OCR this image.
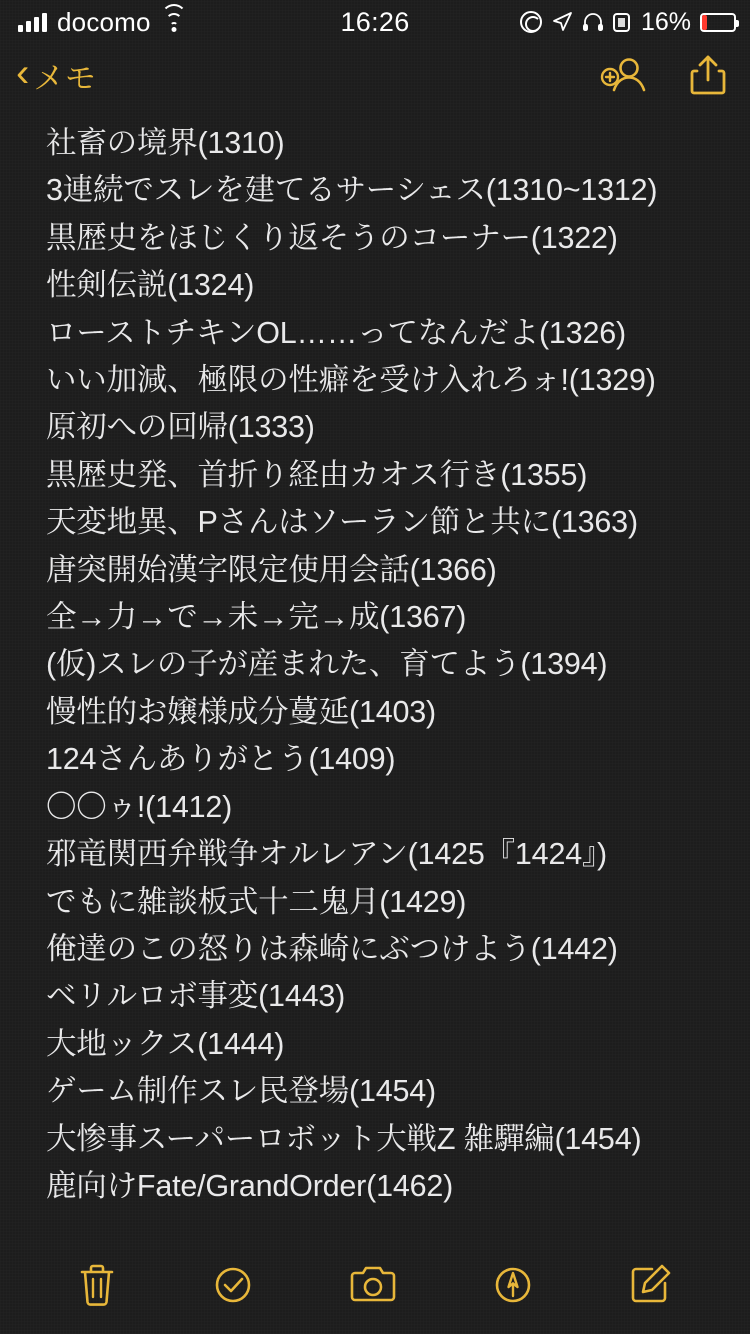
docomo	16:26	16%
‹ メモ
社畜の境界(1310)
3連続でスレを建てるサーシェス(1310~1312)
黒歴史をほじくり返そうのコーナー(1322)
性剣伝説(1324)
ローストチキンOL……ってなんだよ(1326)
いい加減、極限の性癖を受け入れろォ!(1329)
原初への回帰(1333)
黒歴史発、首折り経由カオス行き(1355)
天変地異、Pさんはソーラン節と共に(1363)
唐突開始漢字限定使用会話(1366)
全→力→で→未→完→成(1367)
(仮)スレの子が産まれた、育てよう(1394)
慢性的お嬢様成分蔓延(1403)
124さんありがとう(1409)
〇〇ゥ!(1412)
邪竜関西弁戦争オルレアン(1425『1424』)
でもに雑談板式十二鬼月(1429)
俺達のこの怒りは森崎にぶつけよう(1442)
ベリルロボ事変(1443)
大地ックス(1444)
ゲーム制作スレ民登場(1454)
大惨事スーパーロボット大戦Z 雑驒編(1454)
鹿向けFate/GrandOrder(1462)
